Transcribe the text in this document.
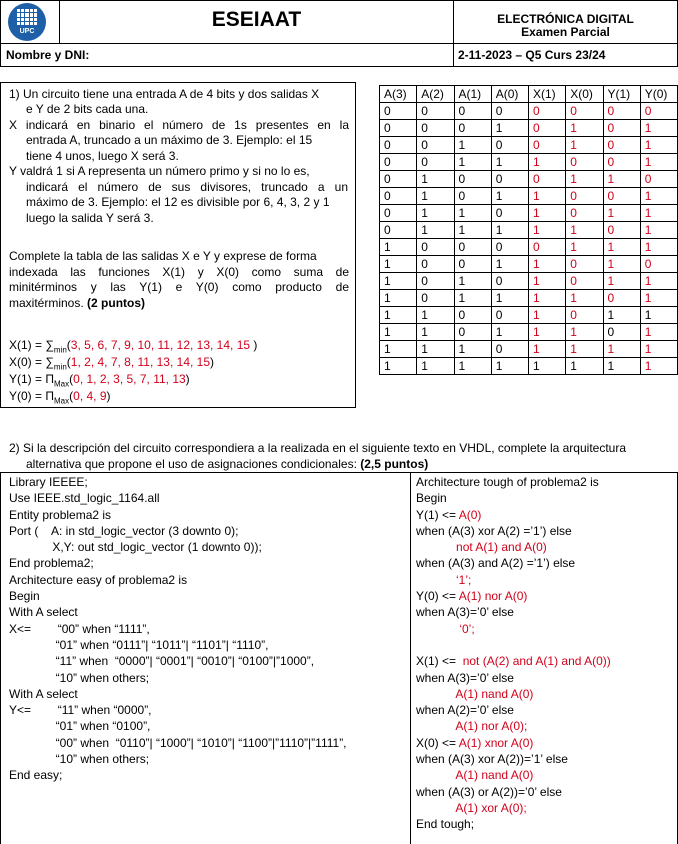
UPC
ESEIAAT	ELECTRÓNICA DIGITAL
Examen Parcial
Nombre y DNI:	2-11-2023 – Q5 Curs 23/24
1) Un circuito tiene una entrada A de 4 bits y dos salidas X
e Y de 2 bits cada una.
X indicará en binario el número de 1s presentes en la
entrada A, truncado a un máximo de 3. Ejemplo: el 15
tiene 4 unos, luego X será 3.
Y valdrá 1 si A representa un número primo y si no lo es,
indicará el número de sus divisores, truncado a un
máximo de 3. Ejemplo: el 12 es divisible por 6, 4, 3, 2 y 1
luego la salida Y será 3.
Complete la tabla de las salidas X e Y y exprese de forma
indexada las funciones X(1) y X(0) como suma de
minitérminos y las Y(1) e Y(0) como producto de
maxitérminos. (2 puntos)
$X(1) = \sum_{min}(3$, 5, 6, 7, 9, 10, 11, 12, 13, 14, 15 )
$X(0) = \sum_{min}(1$, 2, 4, 7, 8, 11, 13, 14, 15)
$Y(1) = \Pi_{Max}(0$, 1, 2, 3, 5, 7, 11, 13)
$Y(0) = \Pi_{Max}(0$, 4, 9)
A(3)	A(2)	A(1)	A(0)	X(1)	X(0)	Y(1)	Y(0)
0	0	0	0	0	0	0	0
0	0	0	1	0	1	0	1
0	0	1	0	0	1	0	1
0	0	1	1	1	0	0	1
0	1	0	0	0	1	1	0
0	1	0	1	1	0	0	1
0	1	1	0	1	0	1	1
0	1	1	1	1	1	0	1
1	0	0	0	0	1	1	1
1	0	0	1	1	0	1	0
1	0	1	0	1	0	1	1
1	0	1	1	1	1	0	1
1	1	0	0	1	0	1	1
1	1	0	1	1	1	0	1
1	1	1	0	1	1	1	1
1	1	1	1	1	1	1	1
2) Si la descripción del circuito correspondiera a la realizada en el siguiente texto en VHDL, complete la arquitectura
alternativa que propone el uso de asignaciones condicionales: (2,5 puntos)
Library IEEEE;
Use IEEE.std_logic_1164.all
Entity problema2 is
Port (    A: in std_logic_vector (3 downto 0);
X,Y: out std_logic_vector (1 downto 0));
End problema2;
Architecture easy of problema2 is
Begin
With A select
X<=        “00” when “1111”,
“01” when “0111”| “1011”| “1101”| “1110”,
“11” when  “0000”| “0001”| “0010”| “0100”|”1000”,
“10” when others;
With A select
Y<=        “11” when “0000”,
“01” when “0100”,
“00” when  “0110”| “1000”| “1010”| “1100”|”1110”|”1111”,
“10” when others;
End easy;
Architecture tough of problema2 is
Begin
Y(1) <= A(0)
when (A(3) xor A(2) =’1’) else
not A(1) and A(0)
when (A(3) and A(2) =’1’) else
‘1’;
Y(0) <= A(1) nor A(0)
when A(3)=’0’ else
‘0’;

X(1) <=  not (A(2) and A(1) and A(0))
when A(3)=’0’ else
A(1) nand A(0)
when A(2)=’0’ else
A(1) nor A(0);
X(0) <= A(1) xnor A(0)
when (A(3) xor A(2))=’1’ else
A(1) nand A(0)
when (A(3) or A(2))=’0’ else
A(1) xor A(0);
End tough;
